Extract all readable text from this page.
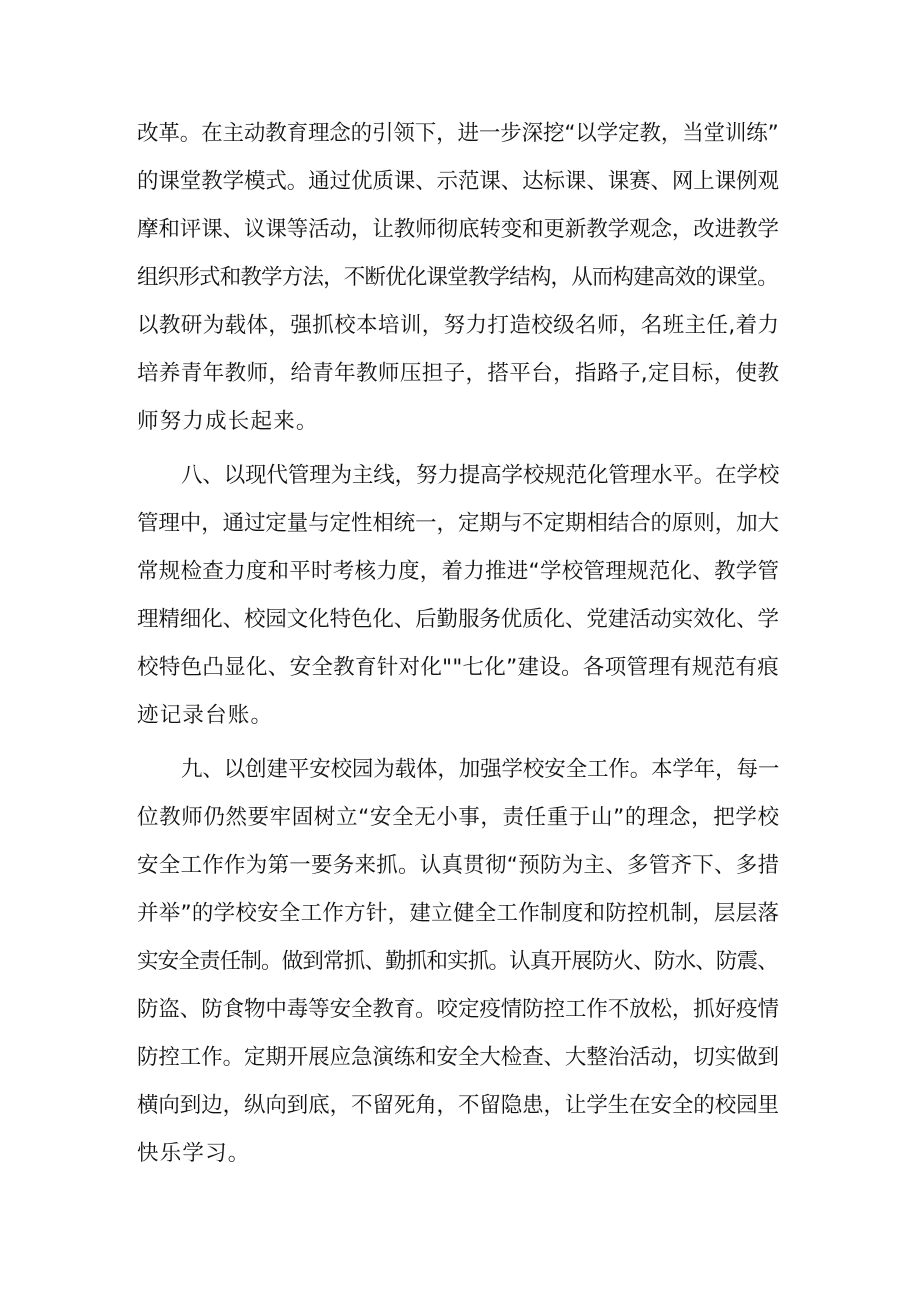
改革。在主动教育理念的引领下，进一步深挖“以学定教，当堂训练”
的课堂教学模式。通过优质课、示范课、达标课、课赛、网上课例观
摩和评课、议课等活动，让教师彻底转变和更新教学观念，改进教学
组织形式和教学方法，不断优化课堂教学结构，从而构建高效的课堂。
以教研为载体，强抓校本培训，努力打造校级名师，名班主任,着力
培养青年教师，给青年教师压担子，搭平台，指路子,定目标，使教
师努力成长起来。
八、以现代管理为主线，努力提高学校规范化管理水平。在学校
管理中，通过定量与定性相统一，定期与不定期相结合的原则，加大
常规检查力度和平时考核力度，着力推进“学校管理规范化、教学管
理精细化、校园文化特色化、后勤服务优质化、党建活动实效化、学
校特色凸显化、安全教育针对化""七化”建设。各项管理有规范有痕
迹记录台账。
九、以创建平安校园为载体，加强学校安全工作。本学年，每一
位教师仍然要牢固树立“安全无小事，责任重于山”的理念，把学校
安全工作作为第一要务来抓。认真贯彻“预防为主、多管齐下、多措
并举”的学校安全工作方针，建立健全工作制度和防控机制，层层落
实安全责任制。做到常抓、勤抓和实抓。认真开展防火、防水、防震、
防盗、防食物中毒等安全教育。咬定疫情防控工作不放松，抓好疫情
防控工作。定期开展应急演练和安全大检查、大整治活动，切实做到
横向到边，纵向到底，不留死角，不留隐患，让学生在安全的校园里
快乐学习。
